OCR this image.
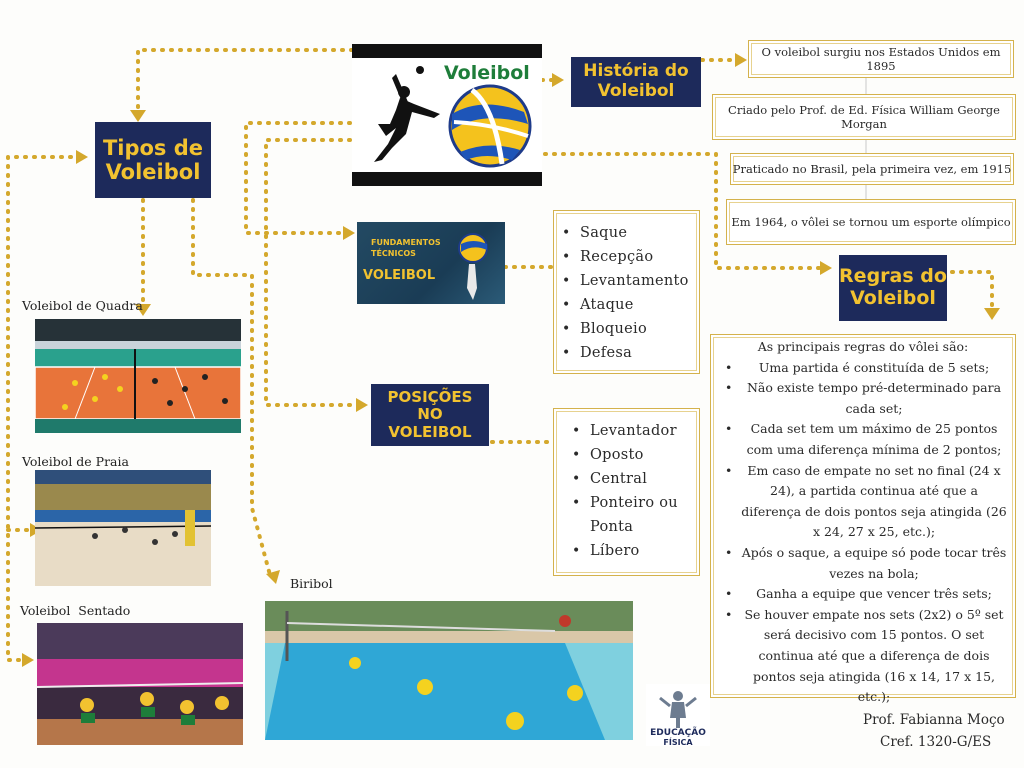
Voleibol
Tipos de
Voleibol
História do
Voleibol
Regras do
Voleibol
POSIÇÕES
NO
VOLEIBOL
FUNDAMENTOS
TÉCNICOS
VOLEIBOL
O voleibol surgiu nos Estados Unidos em 1895
Criado pelo Prof. de Ed. Física William George Morgan
Praticado no Brasil, pela primeira vez, em 1915
Em 1964, o vôlei se tornou um esporte olímpico
• Saque
• Recepção
• Levantamento
• Ataque
• Bloqueio
• Defesa
• Levantador
• Oposto
• Central
• Ponteiro ou
Ponta
• Líbero
As principais regras do vôlei são:
• Uma partida é constituída de 5 sets;
• Não existe tempo pré-determinado para cada set;
• Cada set tem um máximo de 25 pontos com uma diferença mínima de 2 pontos;
• Em caso de empate no set no final (24 x 24), a partida continua até que a diferença de dois pontos seja atingida (26 x 24, 27 x 25, etc.);
• Após o saque, a equipe só pode tocar três vezes na bola;
• Ganha a equipe que vencer três sets;
• Se houver empate nos sets (2x2) o 5º set será decisivo com 15 pontos. O set continua até que a diferença de dois pontos seja atingida (16 x 14, 17 x 15, etc.);
Voleibol de Quadra
Voleibol de Praia
Voleibol  Sentado
Biribol
EDUCAÇÃO
FÍSICA
Prof. Fabianna Moço
Cref. 1320-G/ES
